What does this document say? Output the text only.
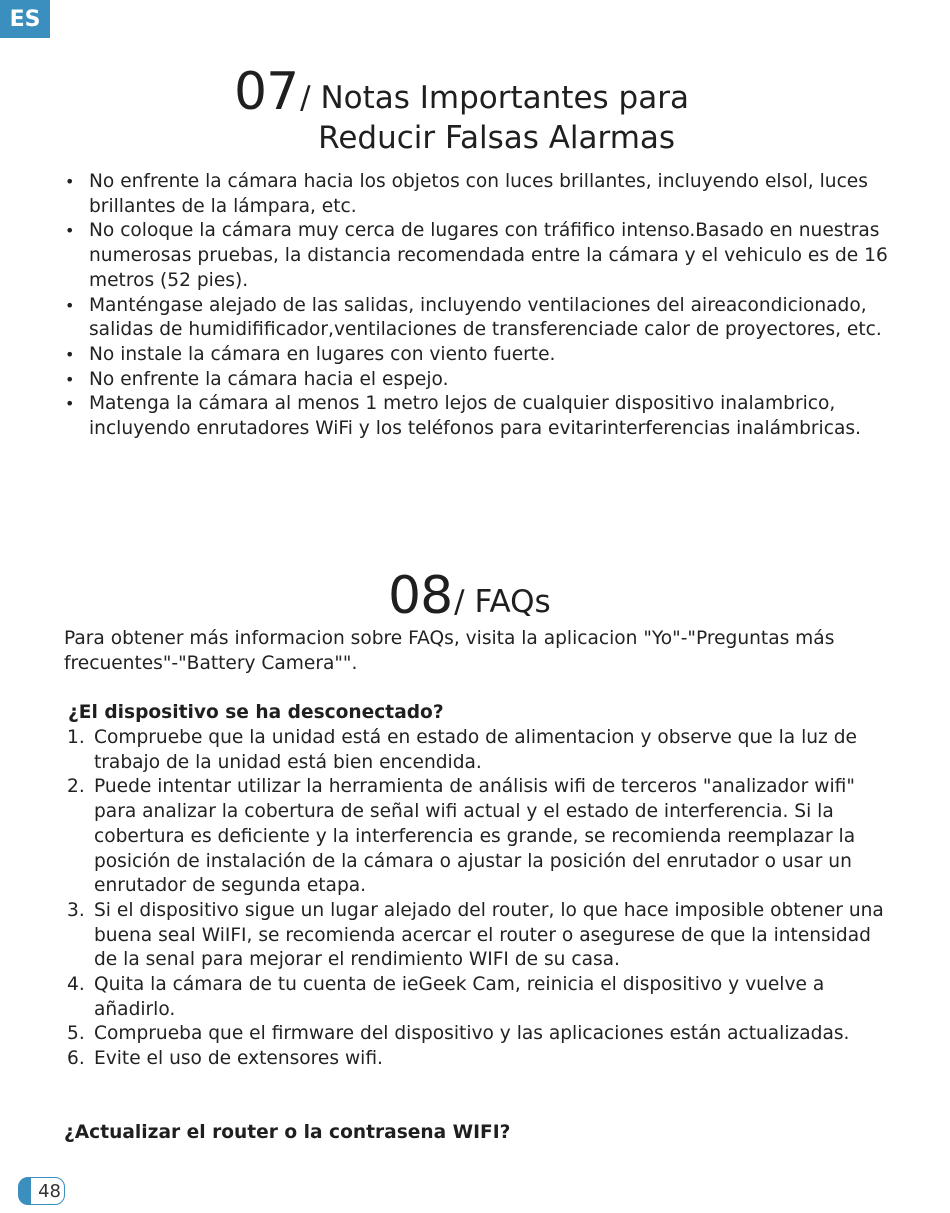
ES
07 / Notas Importantes para
Reducir Falsas Alarmas
• No enfrente la cámara hacia los objetos con luces brillantes, incluyendo elsol, luces brillantes de la lámpara, etc.
• No coloque la cámara muy cerca de lugares con tráfifico intenso.Basado en nuestras numerosas pruebas, la distancia recomendada entre la cámara y el vehiculo es de 16 metros (52 pies).
• Manténgase alejado de las salidas, incluyendo ventilaciones del aireacondicionado, salidas de humidifificador,ventilaciones de transferenciade calor de proyectores, etc.
• No instale la cámara en lugares con viento fuerte.
• No enfrente la cámara hacia el espejo.
• Matenga la cámara al menos 1 metro lejos de cualquier dispositivo inalambrico, incluyendo enrutadores WiFi y los teléfonos para evitarinterferencias inalámbricas.
08 / FAQs
Para obtener más informacion sobre FAQs, visita la aplicacion "Yo"-"Preguntas más frecuentes"-"Battery Camera"".
¿El dispositivo se ha desconectado?
1. Compruebe que la unidad está en estado de alimentacion y observe que la luz de trabajo de la unidad está bien encendida.
2. Puede intentar utilizar la herramienta de análisis wifi de terceros "analizador wifi" para analizar la cobertura de señal wifi actual y el estado de interferencia. Si la cobertura es deficiente y la interferencia es grande, se recomienda reemplazar la posición de instalación de la cámara o ajustar la posición del enrutador o usar un enrutador de segunda etapa.
3. Si el dispositivo sigue un lugar alejado del router, lo que hace imposible obtener una buena seal WiIFI, se recomienda acercar el router o asegurese de que la intensidad de la senal para mejorar el rendimiento WIFI de su casa.
4. Quita la cámara de tu cuenta de ieGeek Cam, reinicia el dispositivo y vuelve a añadirlo.
5. Comprueba que el firmware del dispositivo y las aplicaciones están actualizadas.
6. Evite el uso de extensores wifi.
¿Actualizar el router o la contrasena WIFI?
48
